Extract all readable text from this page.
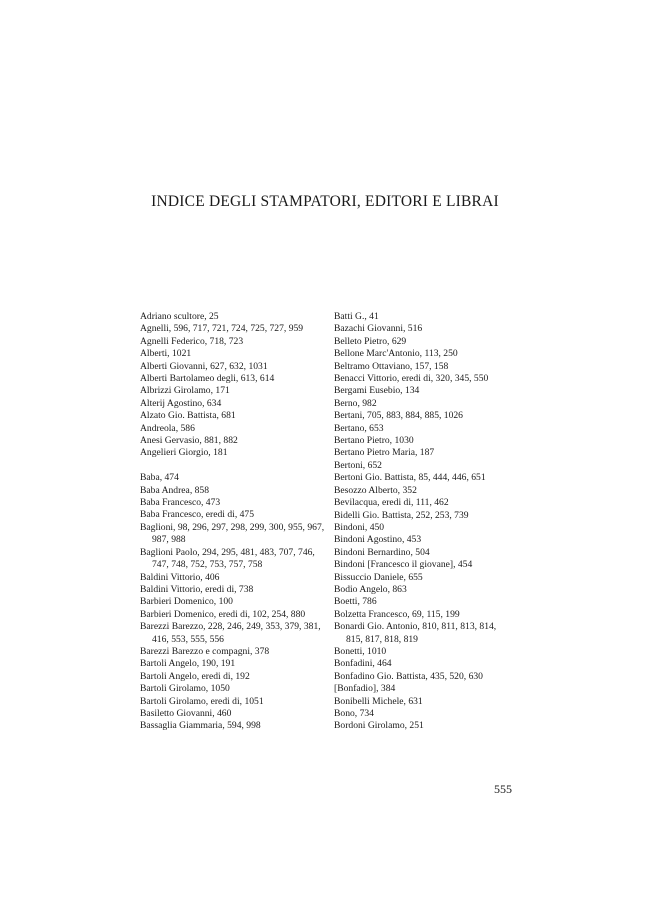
INDICE DEGLI STAMPATORI, EDITORI E LIBRAI
Adriano scultore, 25
Agnelli, 596, 717, 721, 724, 725, 727, 959
Agnelli Federico, 718, 723
Alberti, 1021
Alberti Giovanni, 627, 632, 1031
Alberti Bartolameo degli, 613, 614
Albrizzi Girolamo, 171
Alterij Agostino, 634
Alzato Gio. Battista, 681
Andreola, 586
Anesi Gervasio, 881, 882
Angelieri Giorgio, 181
Baba, 474
Baba Andrea, 858
Baba Francesco, 473
Baba Francesco, eredi di, 475
Baglioni, 98, 296, 297, 298, 299, 300, 955, 967, 987, 988
Baglioni Paolo, 294, 295, 481, 483, 707, 746, 747, 748, 752, 753, 757, 758
Baldini Vittorio, 406
Baldini Vittorio, eredi di, 738
Barbieri Domenico, 100
Barbieri Domenico, eredi di, 102, 254, 880
Barezzi Barezzo, 228, 246, 249, 353, 379, 381, 416, 553, 555, 556
Barezzi Barezzo e compagni, 378
Bartoli Angelo, 190, 191
Bartoli Angelo, eredi di, 192
Bartoli Girolamo, 1050
Bartoli Girolamo, eredi di, 1051
Basiletto Giovanni, 460
Bassaglia Giammaria, 594, 998
Batti G., 41
Bazachi Giovanni, 516
Belleto Pietro, 629
Bellone Marc'Antonio, 113, 250
Beltramo Ottaviano, 157, 158
Benacci Vittorio, eredi di, 320, 345, 550
Bergami Eusebio, 134
Berno, 982
Bertani, 705, 883, 884, 885, 1026
Bertano, 653
Bertano Pietro, 1030
Bertano Pietro Maria, 187
Bertoni, 652
Bertoni Gio. Battista, 85, 444, 446, 651
Besozzo Alberto, 352
Bevilacqua, eredi di, 111, 462
Bidelli Gio. Battista, 252, 253, 739
Bindoni, 450
Bindoni Agostino, 453
Bindoni Bernardino, 504
Bindoni [Francesco il giovane], 454
Bissuccio Daniele, 655
Bodio Angelo, 863
Boetti, 786
Bolzetta Francesco, 69, 115, 199
Bonardi Gio. Antonio, 810, 811, 813, 814, 815, 817, 818, 819
Bonetti, 1010
Bonfadini, 464
Bonfadino Gio. Battista, 435, 520, 630
[Bonfadio], 384
Bonibelli Michele, 631
Bono, 734
Bordoni Girolamo, 251
555
